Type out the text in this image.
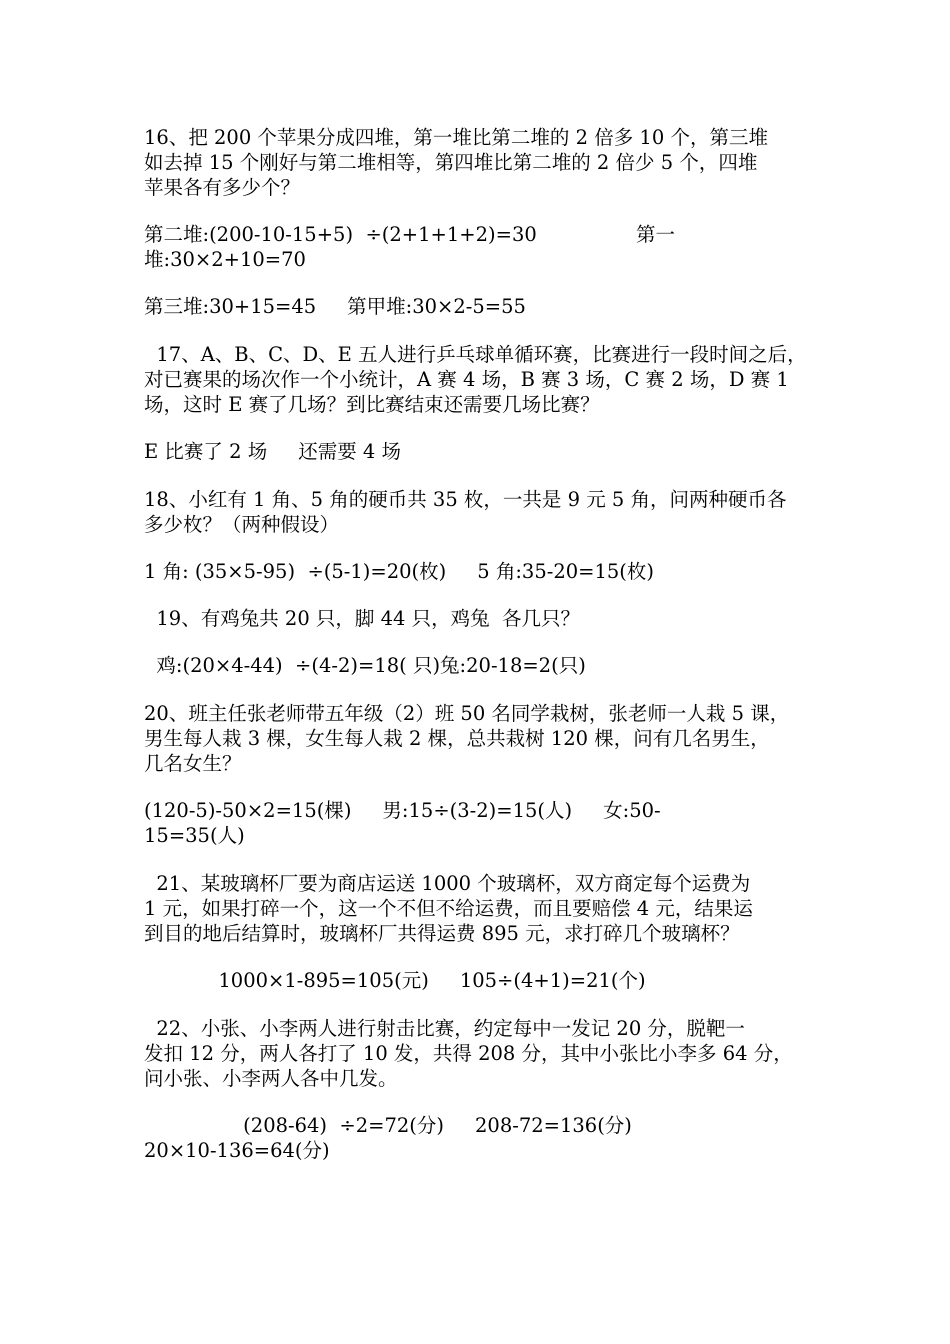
16、把 200 个苹果分成四堆，第一堆比第二堆的 2 倍多 10 个，第三堆
如去掉 15 个刚好与第二堆相等，第四堆比第二堆的 2 倍少 5 个，四堆
苹果各有多少个？
第二堆:(200-10-15+5)  ÷(2+1+1+2)=30                第一
堆:30×2+10=70
第三堆:30+15=45     第甲堆:30×2-5=55
17、A、B、C、D、E 五人进行乒乓球单循环赛，比赛进行一段时间之后，
对已赛果的场次作一个小统计，A 赛 4 场，B 赛 3 场，C 赛 2 场，D 赛 1
场，这时 E 赛了几场？到比赛结束还需要几场比赛？
E 比赛了 2 场     还需要 4 场
18、小红有 1 角、5 角的硬币共 35 枚，一共是 9 元 5 角，问两种硬币各
多少枚？（两种假设）
1 角: (35×5-95)  ÷(5-1)=20(枚)     5 角:35-20=15(枚)
19、有鸡兔共 20 只，脚 44 只，鸡兔  各几只？
鸡:(20×4-44)  ÷(4-2)=18( 只)兔:20-18=2(只)
20、班主任张老师带五年级（2）班 50 名同学栽树，张老师一人栽 5 课，
男生每人栽 3 棵，女生每人栽 2 棵，总共栽树 120 棵，问有几名男生，
几名女生？
(120-5)-50×2=15(棵)     男:15÷(3-2)=15(人)     女:50-
15=35(人)
21、某玻璃杯厂要为商店运送 1000 个玻璃杯，双方商定每个运费为
1 元，如果打碎一个，这一个不但不给运费，而且要赔偿 4 元，结果运
到目的地后结算时，玻璃杯厂共得运费 895 元，求打碎几个玻璃杯？
1000×1-895=105(元)     105÷(4+1)=21(个)
22、小张、小李两人进行射击比赛，约定每中一发记 20 分，脱靶一
发扣 12 分，两人各打了 10 发，共得 208 分，其中小张比小李多 64 分，
问小张、小李两人各中几发。
(208-64)  ÷2=72(分)     208-72=136(分)
20×10-136=64(分)
